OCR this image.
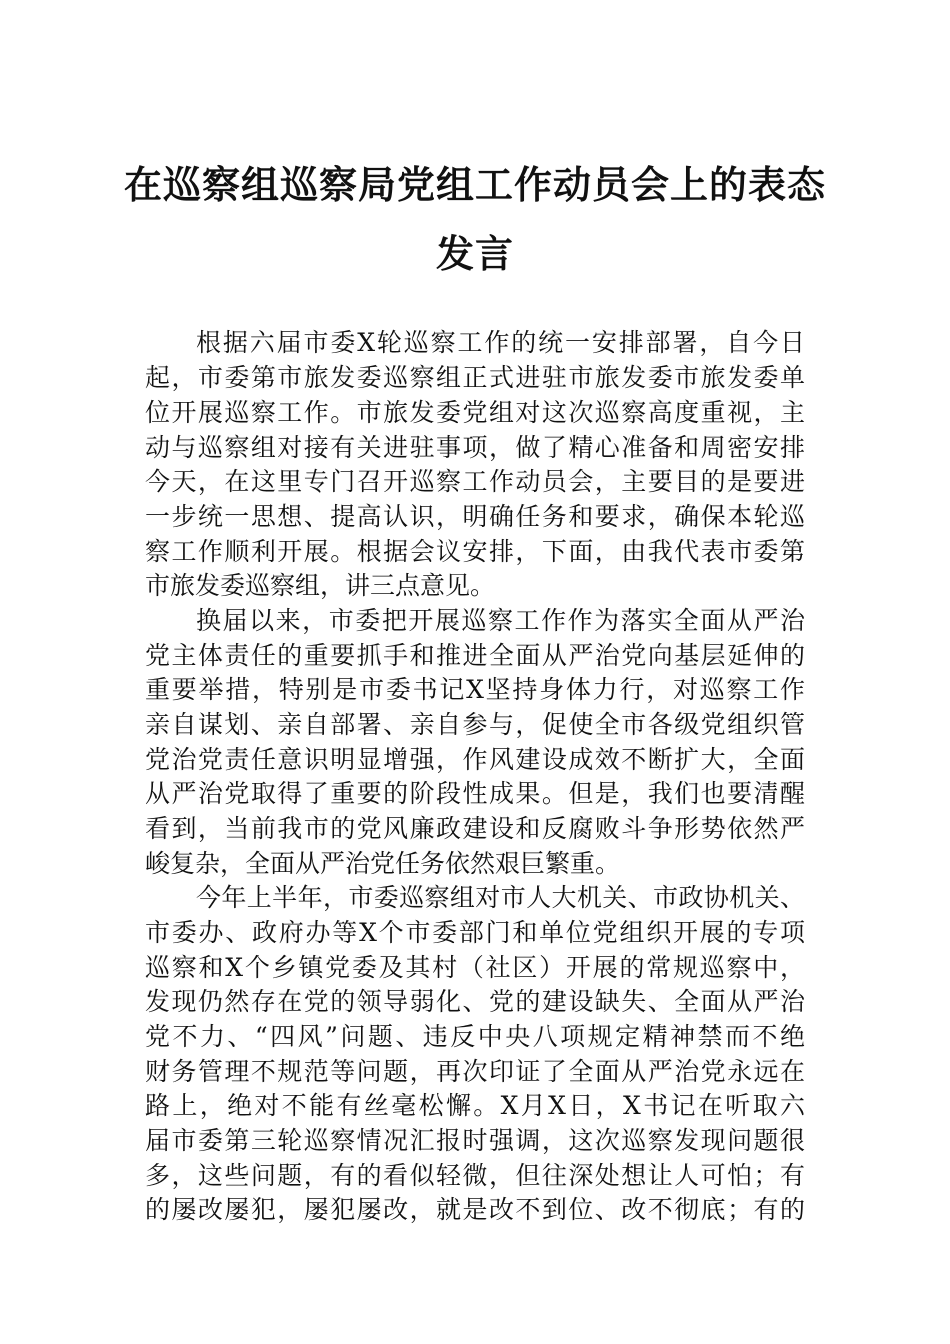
在巡察组巡察局党组工作动员会上的表态
发言

根据六届市委X轮巡察工作的统一安排部署，自今日

起，市委第市旅发委巡察组正式进驻市旅发委市旅发委单

位开展巡察工作。市旅发委党组对这次巡察高度重视，主

动与巡察组对接有关进驻事项，做了精心准备和周密安排

今天，在这里专门召开巡察工作动员会，主要目的是要进

一步统一思想、提高认识，明确任务和要求，确保本轮巡

察工作顺利开展。根据会议安排，下面，由我代表市委第

市旅发委巡察组，讲三点意见。

换届以来，市委把开展巡察工作作为落实全面从严治

党主体责任的重要抓手和推进全面从严治党向基层延伸的

重要举措，特别是市委书记X坚持身体力行，对巡察工作

亲自谋划、亲自部署、亲自参与，促使全市各级党组织管

党治党责任意识明显增强，作风建设成效不断扩大，全面

从严治党取得了重要的阶段性成果。但是，我们也要清醒

看到，当前我市的党风廉政建设和反腐败斗争形势依然严

峻复杂，全面从严治党任务依然艰巨繁重。

今年上半年，市委巡察组对市人大机关、市政协机关、

市委办、政府办等X个市委部门和单位党组织开展的专项

巡察和X个乡镇党委及其村（社区）开展的常规巡察中，

发现仍然存在党的领导弱化、党的建设缺失、全面从严治

党不力、“四风”问题、违反中央八项规定精神禁而不绝

财务管理不规范等问题，再次印证了全面从严治党永远在

路上，绝对不能有丝毫松懈。X月X日，X书记在听取六

届市委第三轮巡察情况汇报时强调，这次巡察发现问题很

多，这些问题，有的看似轻微，但往深处想让人可怕；有

的屡改屡犯，屡犯屡改，就是改不到位、改不彻底；有的
